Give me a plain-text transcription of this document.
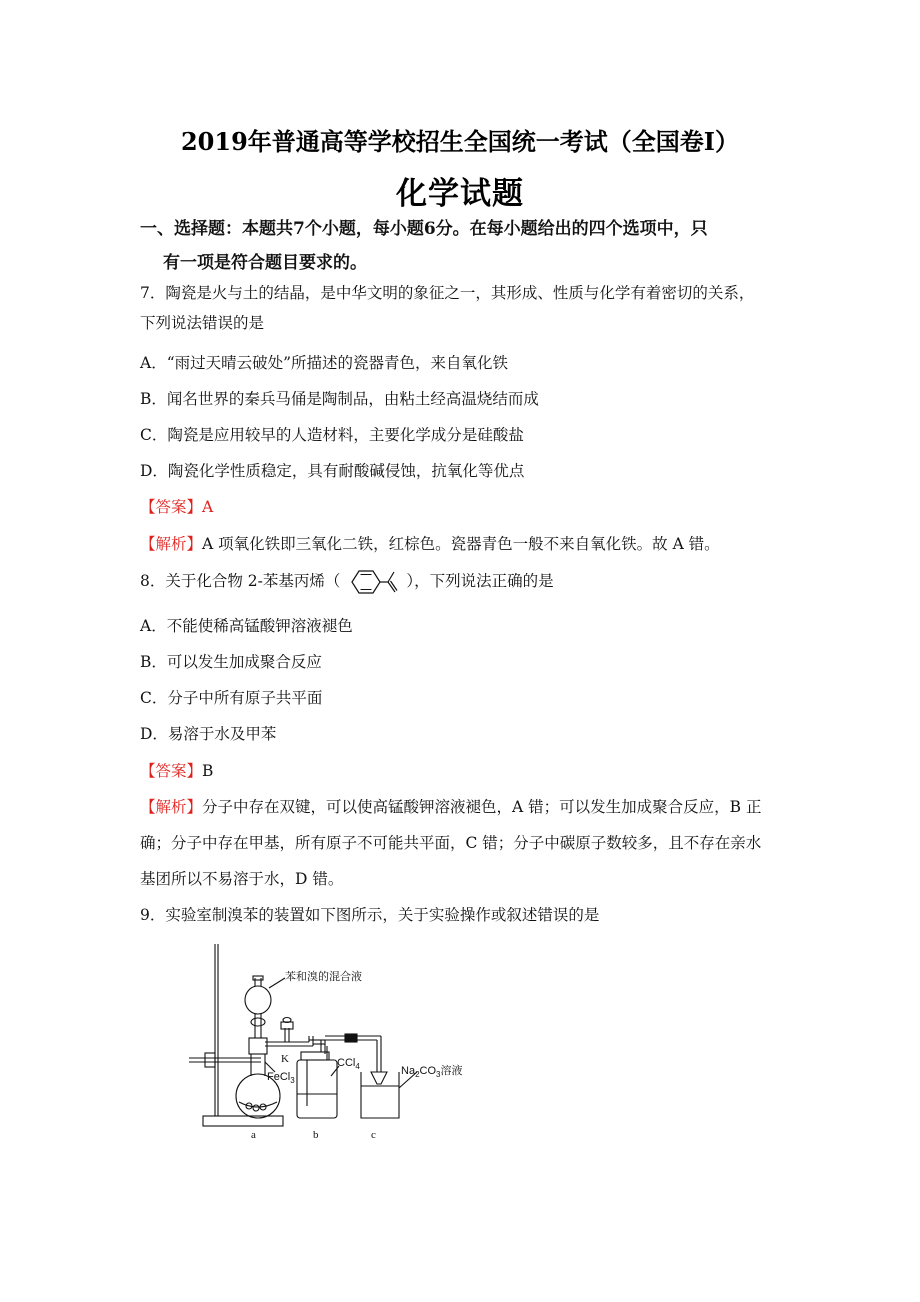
2019年普通高等学校招生全国统一考试（全国卷I）
化学试题
一、选择题：本题共7个小题，每小题6分。在每小题给出的四个选项中，只
有一项是符合题目要求的。
7．陶瓷是火与土的结晶，是中华文明的象征之一，其形成、性质与化学有着密切的关系，
下列说法错误的是
A．“雨过天晴云破处”所描述的瓷器青色，来自氧化铁
B．闻名世界的秦兵马俑是陶制品，由粘土经高温烧结而成
C．陶瓷是应用较早的人造材料，主要化学成分是硅酸盐
D．陶瓷化学性质稳定，具有耐酸碱侵蚀，抗氧化等优点
【答案】A
【解析】A 项氧化铁即三氧化二铁，红棕色。瓷器青色一般不来自氧化铁。故 A 错。
8．关于化合物 2-苯基丙烯（	），下列说法正确的是
A．不能使稀高锰酸钾溶液褪色
B．可以发生加成聚合反应
C．分子中所有原子共平面
D．易溶于水及甲苯
【答案】B
【解析】分子中存在双键，可以使高锰酸钾溶液褪色，A 错；可以发生加成聚合反应，B 正
确；分子中存在甲基，所有原子不可能共平面，C 错；分子中碳原子数较多，且不存在亲水
基团所以不易溶于水，D 错。
9．实验室制溴苯的装置如下图所示，关于实验操作或叙述错误的是
苯和溴的混合液
K
FeCl$_3$
CCl$_4$	$Na_2CO_3$溶液
a	b	c
